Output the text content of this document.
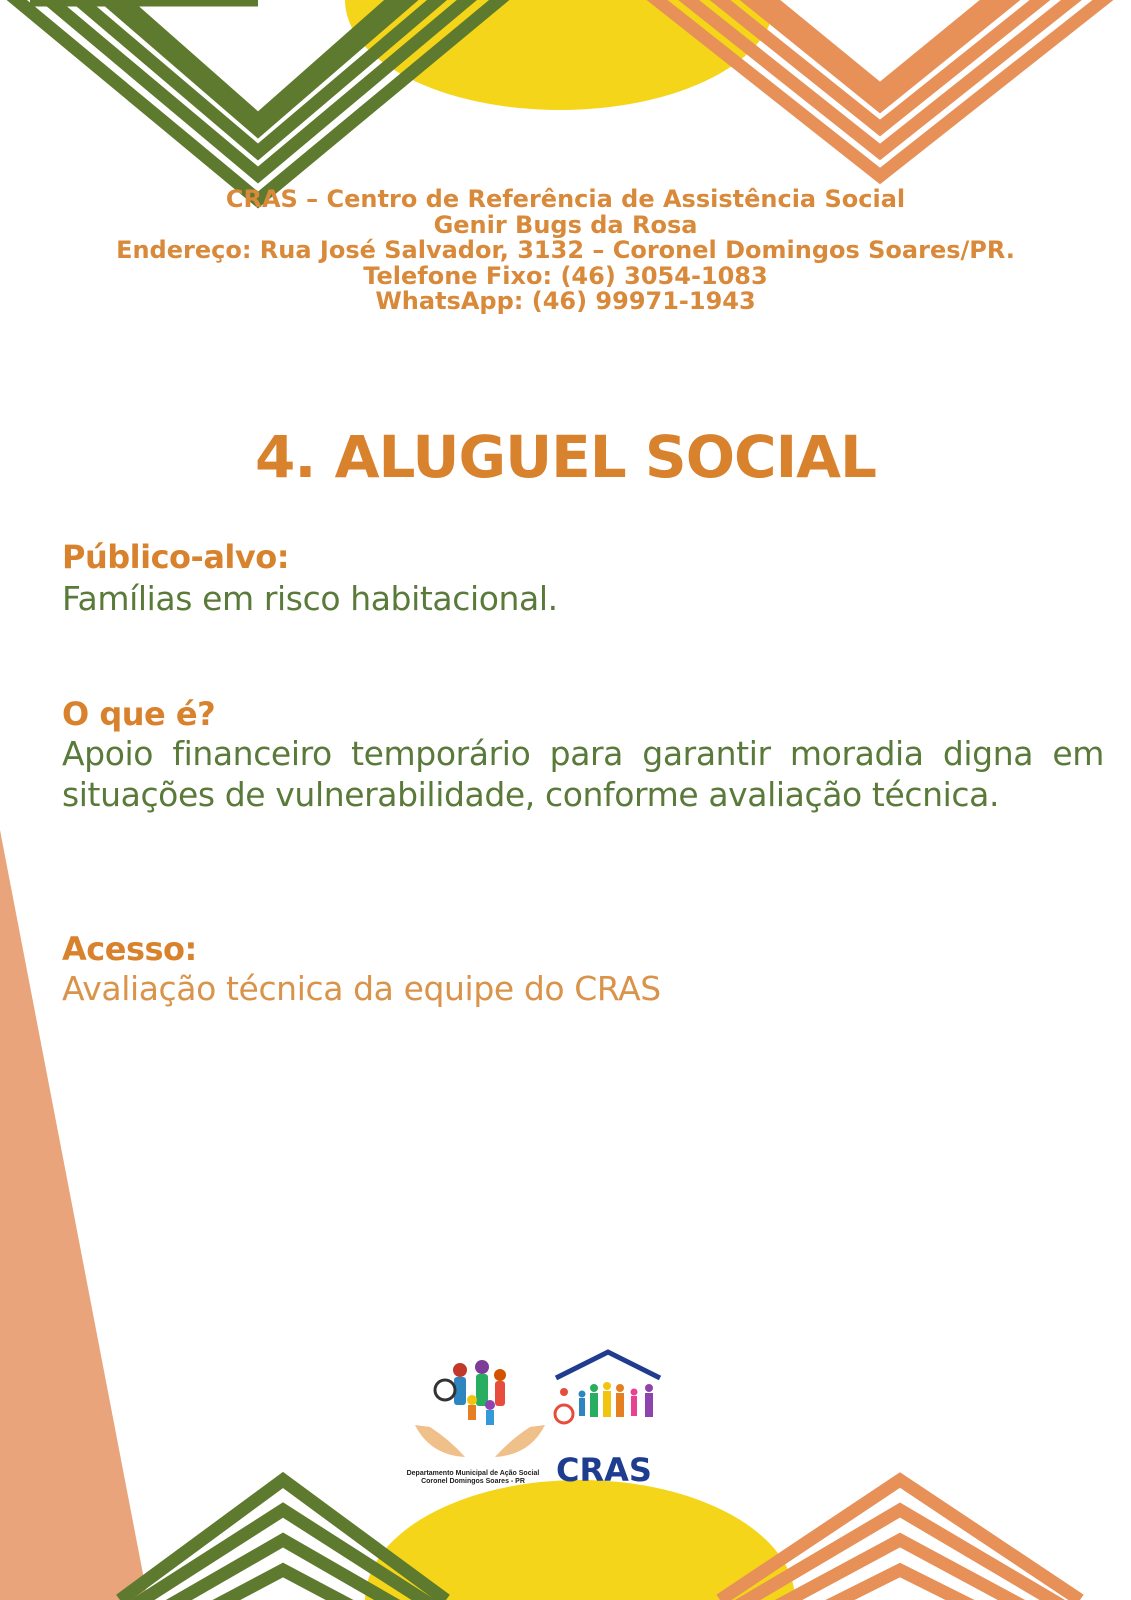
CRAS – Centro de Referência de Assistência Social
Genir Bugs da Rosa
Endereço: Rua José Salvador, 3132 – Coronel Domingos Soares/PR.
Telefone Fixo: (46) 3054-1083
WhatsApp: (46) 99971-1943
4. ALUGUEL SOCIAL
Público-alvo:
Famílias em risco habitacional.
O que é?
Apoio financeiro temporário para garantir moradia digna em situações de vulnerabilidade, conforme avaliação técnica.
Acesso:
Avaliação técnica da equipe do CRAS
Departamento Municipal de Ação Social
Coronel Domingos Soares - PR CRAS
